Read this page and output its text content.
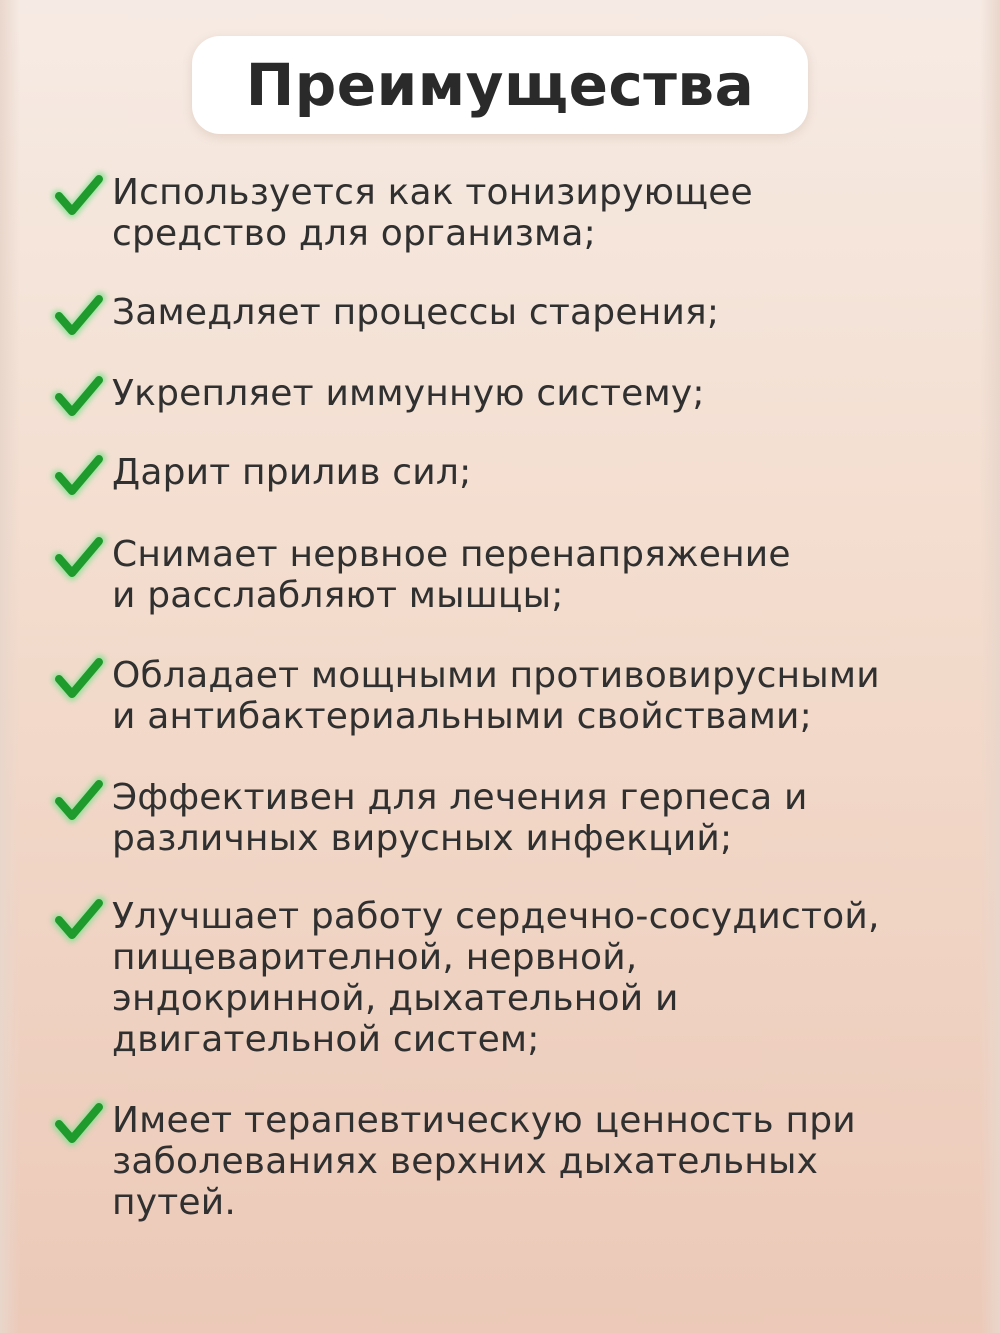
Преимущества
Используется как тонизирующее
средство для организма;
Замедляет процессы старения;
Укрепляет иммунную систему;
Дарит прилив сил;
Снимает нервное перенапряжение
и расслабляют мышцы;
Обладает мощными противовирусными
и антибактериальными свойствами;
Эффективен для лечения герпеса и
различных вирусных инфекций;
Улучшает работу сердечно-сосудистой,
пищеварителной, нервной,
эндокринной, дыхательной и
двигательной систем;
Имеет терапевтическую ценность при
заболеваниях верхних дыхательных
путей.
